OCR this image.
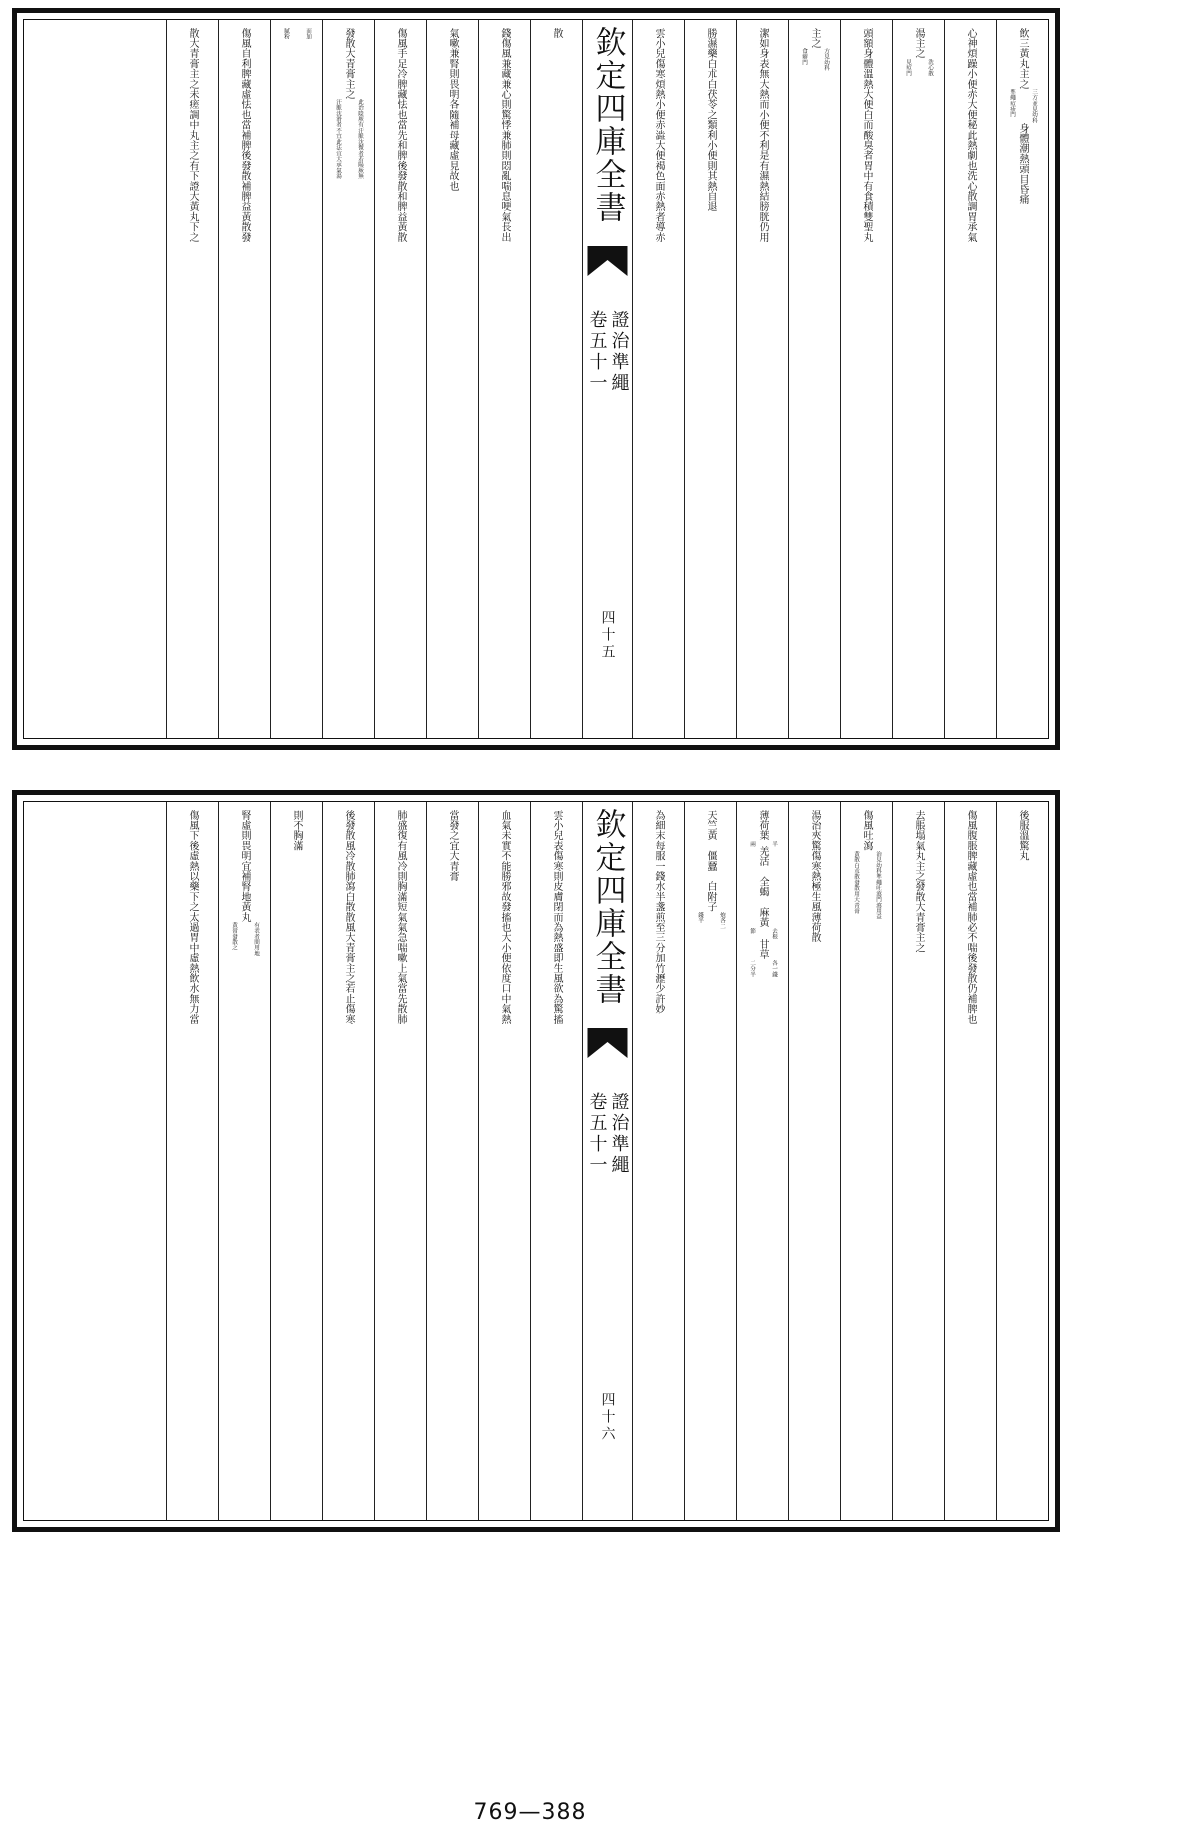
飲三黃丸主之
三方並見幼科
準繩痘疹門
身體潮熱頭目昏痛
心神煩躁小便赤大便秘此熱劇也洗心散調胃承氣
湯主之
洗心散
見痘門
頭額身體溫熱大便白而酸臭者胃中有食積雙聖丸
主之
方見幼科
食癖門
潔如身表無大熱而小便不利是有濕熱結膀胱仍用
勝濕藥白朮白茯苓之類利小便則其熱自退
雲小兒傷寒煩熱小便赤澁大便褐色面赤熱者導赤
欽定四庫全書
證治準繩
卷五十一
四十五
散
錢傷風兼藏兼心則驚悸兼肺則悶亂喘息哽氣長出
氣嗽兼腎則畏明各隨補母藏虛見故也
傷風手足冷脾藏怯也當先和脾後發散和脾益黃散
發散大青膏主之
此治陰厥有汗脈沈微者若陽厥無
汗脈沈滑者不宜此法宜大承氣湯
而加
膩粉
傷風自利脾藏虛怯也當補脾後發散補脾益黃散發
散大青膏主之未瘥調中丸主之有下證大黃丸下之
後服溫驚丸
傷風腹脹脾藏虛也當補肺必不喘後發散仍補脾也
去脹塌氣丸主之發散大青膏主之
傷風吐瀉
治見幼科準繩吐瀉門瀉用益
黃散白朮散發散用大青膏
湯治夾驚傷寒熱極生風薄荷散
薄荷葉
半
兩
羌活　全蝎　麻黃
去根
節
甘草
各一錢
二分半
天竺黃　僵蠶　白附子
炮各二
錢半
為細末每服一錢水半盞煎至三分加竹瀝少許妙
欽定四庫全書
證治準繩
卷五十一
四十六
雲小兒表傷寒則皮膚閉而為熱盛即生風欲為驚搐
血氣未實不能勝邪故發搐也大小便依度口中氣熱
當發之宜大青膏
肺盛復有風冷則胸滿短氣氣急喘嗽上氣當先散肺
後發散風冷散肺瀉白散散風大青膏主之若止傷寒
則不胸滿
腎虛則畏明宜補腎地黃丸
有表者間用地
黃膏發散之
傷風下後虛熱以藥下之太過胃中虛熱飲水無力當
769—388
